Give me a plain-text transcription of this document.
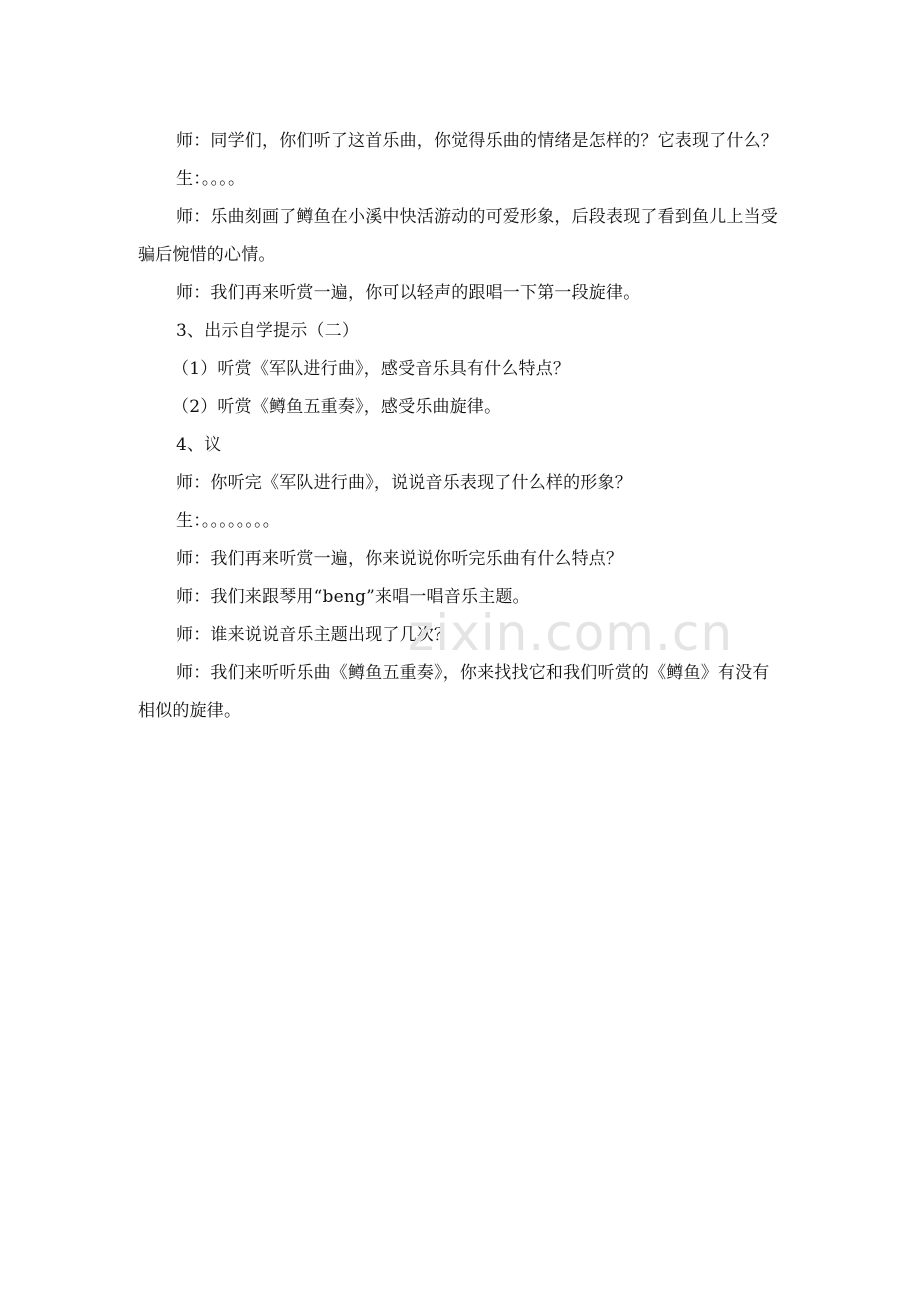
师：同学们，你们听了这首乐曲，你觉得乐曲的情绪是怎样的？它表现了什么？

生：。。。。

师：乐曲刻画了鳟鱼在小溪中快活游动的可爱形象，后段表现了看到鱼儿上当受骗后惋惜的心情。

师：我们再来听赏一遍，你可以轻声的跟唱一下第一段旋律。

3、出示自学提示（二）

（1）听赏《军队进行曲》，感受音乐具有什么特点？

（2）听赏《鳟鱼五重奏》，感受乐曲旋律。

4、议

师：你听完《军队进行曲》，说说音乐表现了什么样的形象？

生：。。。。。。。。

师：我们再来听赏一遍，你来说说你听完乐曲有什么特点？

师：我们来跟琴用“beng”来唱一唱音乐主题。

师：谁来说说音乐主题出现了几次？

师：我们来听听乐曲《鳟鱼五重奏》，你来找找它和我们听赏的《鳟鱼》有没有相似的旋律。

zixin.com.cn
